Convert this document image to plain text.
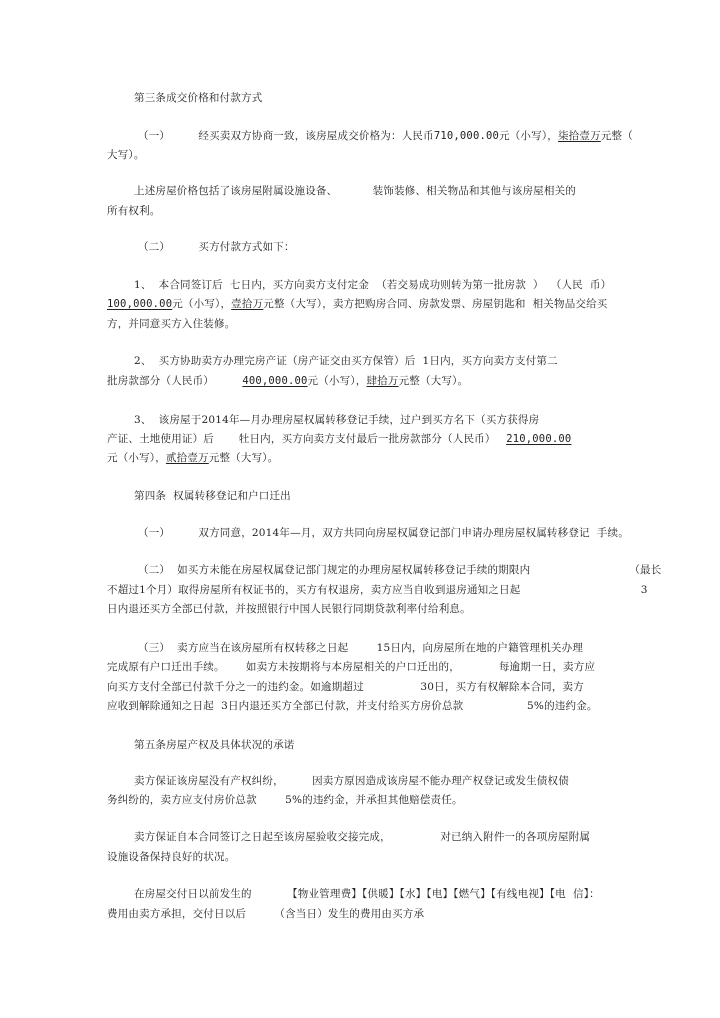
第三条成交价格和付款方式
（一）        经买卖双方协商一致，该房屋成交价格为：人民币710,000.00元（小写），柒拾壹万元整（
大写）。
上述房屋价格包括了该房屋附属设施设备、          装饰装修、相关物品和其他与该房屋相关的
所有权利。
（二）        买方付款方式如下：
1、  本合同签订后  七日内，买方向卖方支付定金  （若交易成功则转为第一批房款  ）  （人民  币）
100,000.00元（小写），壹拾万元整（大写），卖方把购房合同、房款发票、房屋钥匙和  相关物品交给买
方，并同意买方入住装修。
2、  买方协助卖方办理完房产证（房产证交由买方保管）后  1日内，买方向卖方支付第二
批房款部分（人民币）        400,000.00元（小写），肆拾万元整（大写）。
3、  该房屋于2014年—月办理房屋权属转移登记手续，过户到买方名下（买方获得房
产证、土地使用证）后       牡日内，买方向卖方支付最后一批房款部分（人民币）   210,000.00
元（小写），贰拾壹万元整（大写）。
第四条  权属转移登记和户口迁出
（一）        双方同意，2014年—月，双方共同向房屋权属登记部门申请办理房屋权属转移登记  手续。
（二）  如买方未能在房屋权属登记部门规定的办理房屋权属转移登记手续的期限内                            （最长
不超过1个月）取得房屋所有权证书的，买方有权退房，卖方应当自收到退房通知之日起                                  3
日内退还买方全部已付款，并按照银行中国人民银行同期贷款利率付给利息。
（三）  卖方应当在该房屋所有权转移之日起        15日内，向房屋所在地的户籍管理机关办理
完成原有户口迁出手续。      如卖方未按期将与本房屋相关的户口迁出的，           每逾期一日，卖方应
向买方支付全部已付款千分之一的违约金。如逾期超过                30日，买方有权解除本合同，卖方
应收到解除通知之日起  3日内退还买方全部已付款，并支付给买方房价总款                  5%的违约金。
第五条房屋产权及具体状况的承诺
卖方保证该房屋没有产权纠纷，        因卖方原因造成该房屋不能办理产权登记或发生债权债
务纠纷的，卖方应支付房价总款        5%的违约金，并承担其他赔偿责任。
卖方保证自本合同签订之日起至该房屋验收交接完成，              对已纳入附件一的各项房屋附属
设施设备保持良好的状况。
在房屋交付日以前发生的          【物业管理费】【供暖】【水】【电】【燃气】【有线电视】【电  信】：
费用由卖方承担，交付日以后        （含当日）发生的费用由买方承
